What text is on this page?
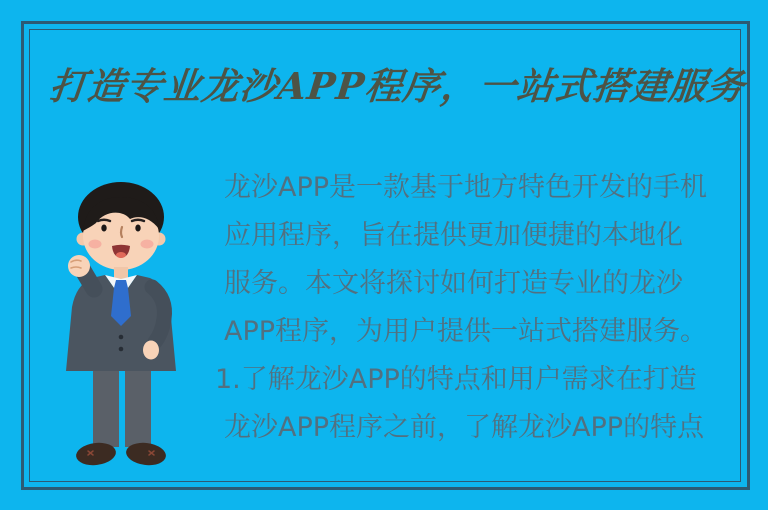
打造专业龙沙APP程序，一站式搭建服务

龙沙APP是一款基于地方特色开发的手机

应用程序，旨在提供更加便捷的本地化

服务。本文将探讨如何打造专业的龙沙

APP程序，为用户提供一站式搭建服务。

1.了解龙沙APP的特点和用户需求在打造

龙沙APP程序之前，了解龙沙APP的特点
